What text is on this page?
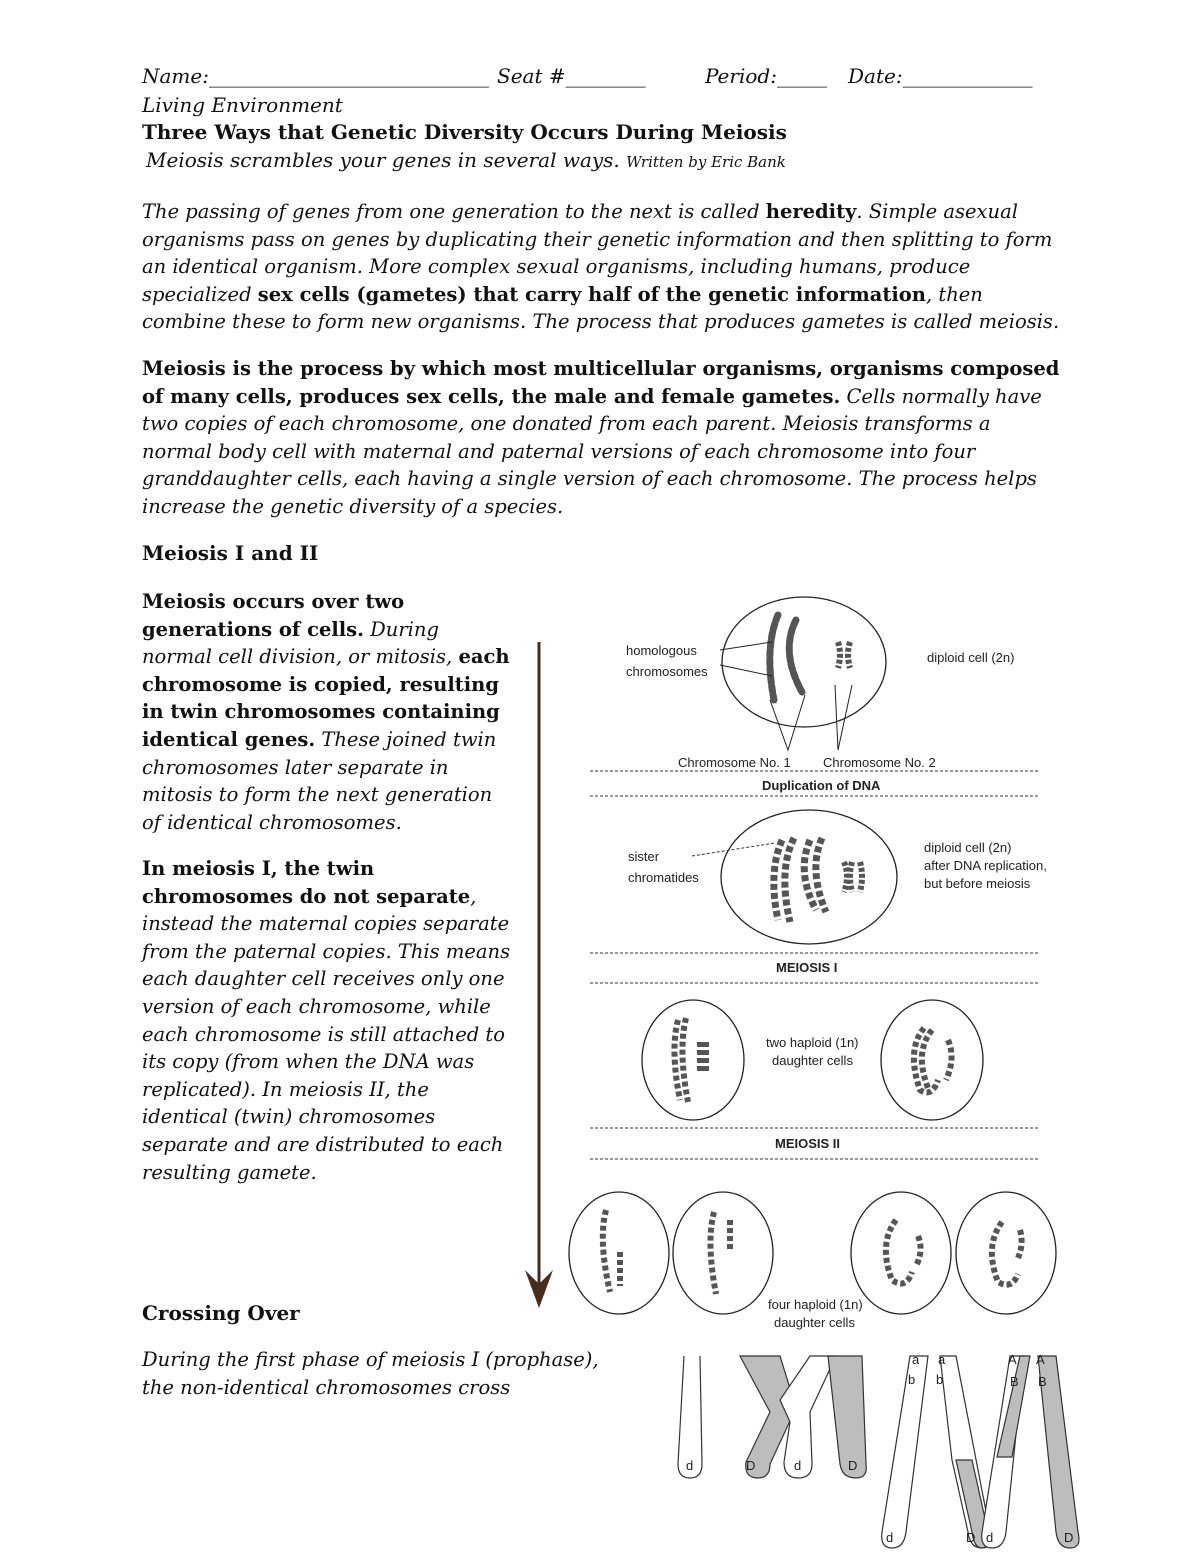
Name:____________________________ Seat #________	Period:_____ Date:_____________
Living Environment
Three Ways that Genetic Diversity Occurs During Meiosis
Meiosis scrambles your genes in several ways. Written by Eric Bank
The passing of genes from one generation to the next is called heredity. Simple asexual organisms pass on genes by duplicating their genetic information and then splitting to form an identical organism. More complex sexual organisms, including humans, produce specialized sex cells (gametes) that carry half of the genetic information, then combine these to form new organisms. The process that produces gametes is called meiosis.
Meiosis is the process by which most multicellular organisms, organisms composed of many cells, produces sex cells, the male and female gametes. Cells normally have two copies of each chromosome, one donated from each parent. Meiosis transforms a normal body cell with maternal and paternal versions of each chromosome into four granddaughter cells, each having a single version of each chromosome. The process helps increase the genetic diversity of a species.
Meiosis I and II
Meiosis occurs over two generations of cells. During normal cell division, or mitosis, each chromosome is copied, resulting in twin chromosomes containing identical genes. These joined twin chromosomes later separate in mitosis to form the next generation of identical chromosomes.
In meiosis I, the twin chromosomes do not separate, instead the maternal copies separate from the paternal copies. This means each daughter cell receives only one version of each chromosome, while each chromosome is still attached to its copy (from when the DNA was replicated). In meiosis II, the identical (twin) chromosomes separate and are distributed to each resulting gamete.
Crossing Over
During the first phase of meiosis I (prophase), the non-identical chromosomes cross
homologous
chromosomes
diploid cell (2n)
Chromosome No. 1 Chromosome No. 2
Duplication of DNA
sister
chromatides
diploid cell (2n)
after DNA replication,
but before meiosis
MEIOSIS I
two haploid (1n)
daughter cells
MEIOSIS II
four haploid (1n)
daughter cells
d	D	d	D
a a
b b
A A
B B
d	D d	D
